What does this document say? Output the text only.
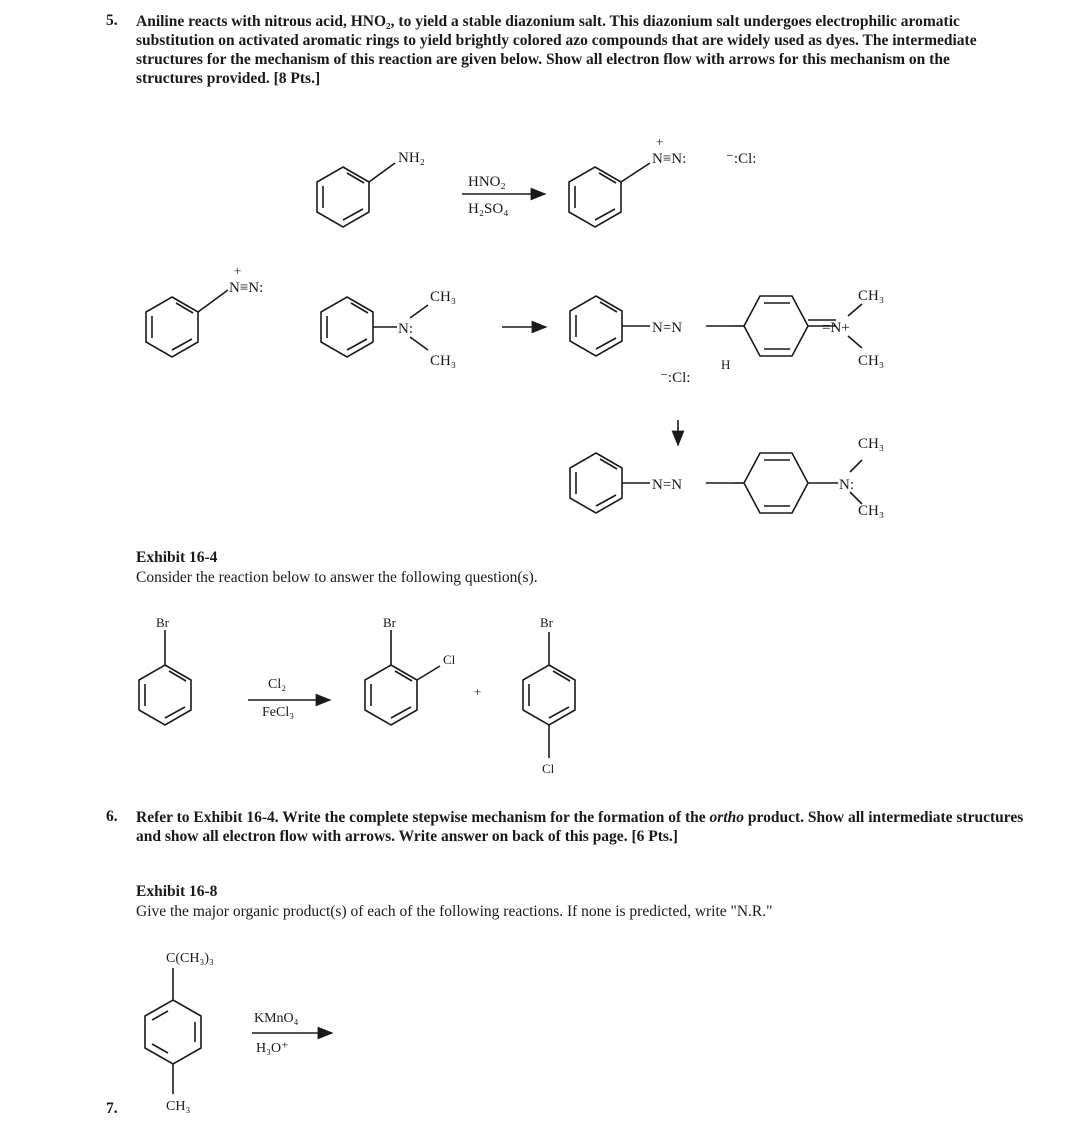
5. Aniline reacts with nitrous acid, HNO₂, to yield a stable diazonium salt. This diazonium salt undergoes electrophilic aromatic substitution on activated aromatic rings to yield brightly colored azo compounds that are widely used as dyes. The intermediate structures for the mechanism of this reaction are given below. Show all electron flow with arrows for this mechanism on the structures provided. [8 Pts.]
NH₂
HNO₂
H₂SO₄
+
N≡N:	⁻:Cl:
+
N≡N:
CH₃
N:
CH₃
N=N
H
=N+
CH₃
CH₃
⁻:Cl:
N=N	N:
CH₃
CH₃
Br
Cl₂
FeCl₃
Br
Cl
+
Br
Cl
C(CH₃)₃
KMnO₄
H₃O⁺
CH₃
Exhibit 16-4
Consider the reaction below to answer the following question(s).
6. Refer to Exhibit 16-4. Write the complete stepwise mechanism for the formation of the ortho product. Show all intermediate structures and show all electron flow with arrows. Write answer on back of this page. [6 Pts.]
Exhibit 16-8
Give the major organic product(s) of each of the following reactions. If none is predicted, write "N.R."
7.
